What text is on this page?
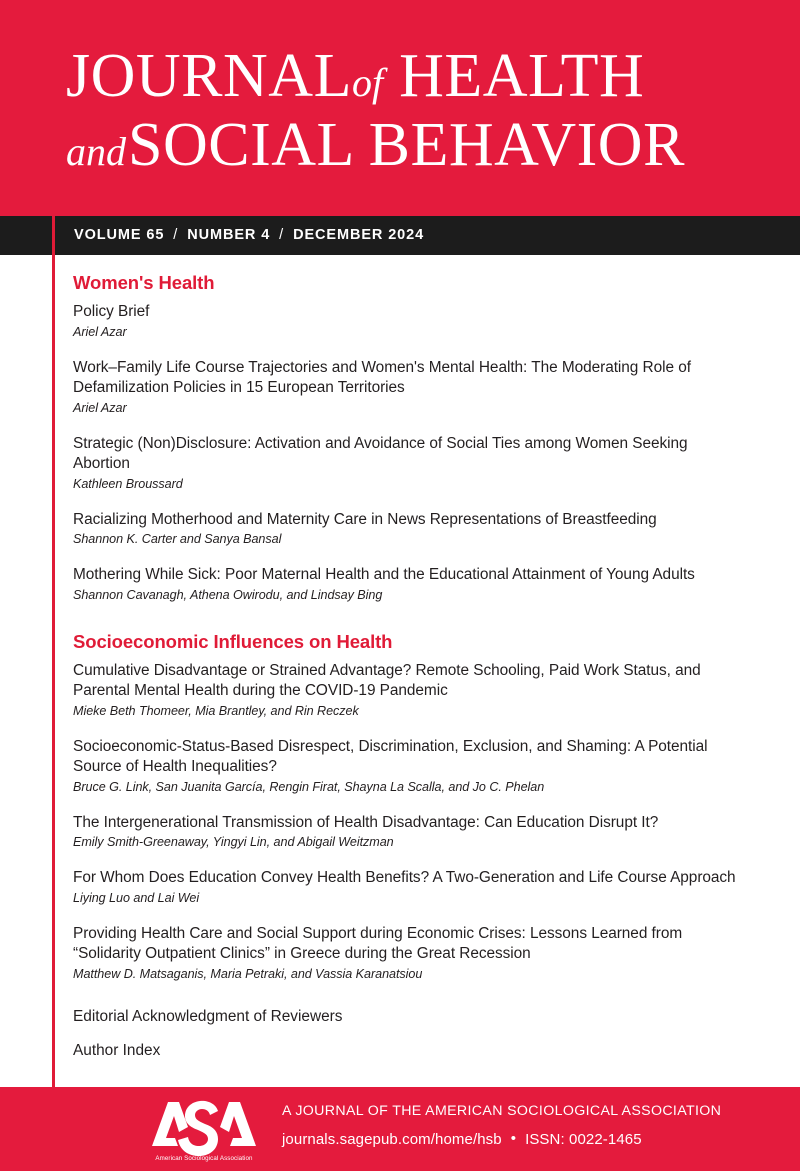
JOURNALof HEALTH
andSOCIAL BEHAVIOR
VOLUME 65 / NUMBER 4 / DECEMBER 2024
Women's Health
Policy Brief
Ariel Azar
Work–Family Life Course Trajectories and Women's Mental Health: The Moderating Role of Defamilization Policies in 15 European Territories
Ariel Azar
Strategic (Non)Disclosure: Activation and Avoidance of Social Ties among Women Seeking Abortion
Kathleen Broussard
Racializing Motherhood and Maternity Care in News Representations of Breastfeeding
Shannon K. Carter and Sanya Bansal
Mothering While Sick: Poor Maternal Health and the Educational Attainment of Young Adults
Shannon Cavanagh, Athena Owirodu, and Lindsay Bing
Socioeconomic Influences on Health
Cumulative Disadvantage or Strained Advantage? Remote Schooling, Paid Work Status, and Parental Mental Health during the COVID-19 Pandemic
Mieke Beth Thomeer, Mia Brantley, and Rin Reczek
Socioeconomic-Status-Based Disrespect, Discrimination, Exclusion, and Shaming: A Potential Source of Health Inequalities?
Bruce G. Link, San Juanita García, Rengin Firat, Shayna La Scalla, and Jo C. Phelan
The Intergenerational Transmission of Health Disadvantage: Can Education Disrupt It?
Emily Smith-Greenaway, Yingyi Lin, and Abigail Weitzman
For Whom Does Education Convey Health Benefits? A Two-Generation and Life Course Approach
Liying Luo and Lai Wei
Providing Health Care and Social Support during Economic Crises: Lessons Learned from “Solidarity Outpatient Clinics” in Greece during the Great Recession
Matthew D. Matsaganis, Maria Petraki, and Vassia Karanatsiou
Editorial Acknowledgment of Reviewers
Author Index
American Sociological Association
A JOURNAL OF THE AMERICAN SOCIOLOGICAL ASSOCIATION
journals.sagepub.com/home/hsb • ISSN: 0022-1465
